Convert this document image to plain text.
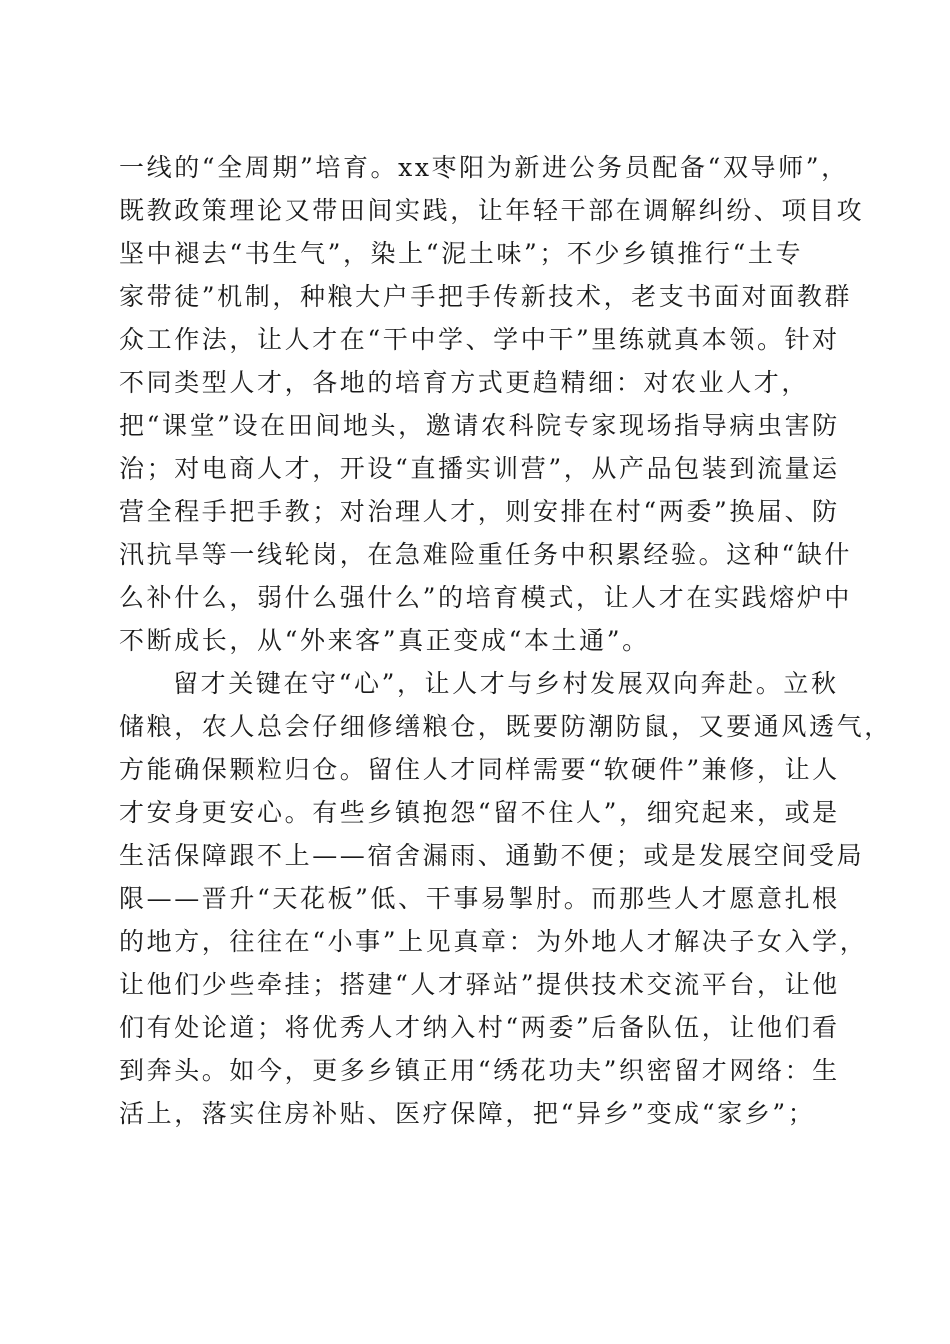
一线的“全周期”培育。xx枣阳为新进公务员配备“双导师”，
既教政策理论又带田间实践，让年轻干部在调解纠纷、项目攻
坚中褪去“书生气”，染上“泥土味”；不少乡镇推行“土专
家带徒”机制，种粮大户手把手传新技术，老支书面对面教群
众工作法，让人才在“干中学、学中干”里练就真本领。针对
不同类型人才，各地的培育方式更趋精细：对农业人才，
把“课堂”设在田间地头，邀请农科院专家现场指导病虫害防
治；对电商人才，开设“直播实训营”，从产品包装到流量运
营全程手把手教；对治理人才，则安排在村“两委”换届、防
汛抗旱等一线轮岗，在急难险重任务中积累经验。这种“缺什
么补什么，弱什么强什么”的培育模式，让人才在实践熔炉中
不断成长，从“外来客”真正变成“本土通”。
留才关键在守“心”，让人才与乡村发展双向奔赴。立秋
储粮，农人总会仔细修缮粮仓，既要防潮防鼠，又要通风透气，
方能确保颗粒归仓。留住人才同样需要“软硬件”兼修，让人
才安身更安心。有些乡镇抱怨“留不住人”，细究起来，或是
生活保障跟不上——宿舍漏雨、通勤不便；或是发展空间受局
限——晋升“天花板”低、干事易掣肘。而那些人才愿意扎根
的地方，往往在“小事”上见真章：为外地人才解决子女入学，
让他们少些牵挂；搭建“人才驿站”提供技术交流平台，让他
们有处论道；将优秀人才纳入村“两委”后备队伍，让他们看
到奔头。如今，更多乡镇正用“绣花功夫”织密留才网络：生
活上，落实住房补贴、医疗保障，把“异乡”变成“家乡”；
